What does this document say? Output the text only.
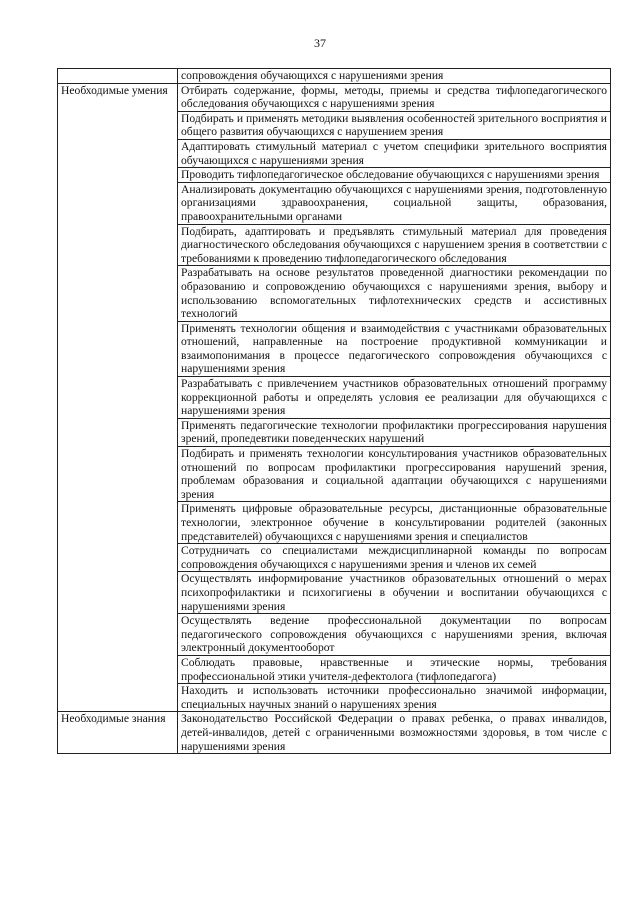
37

	сопровождения обучающихся с нарушениями зрения

Необходимые умения	Отбирать содержание, формы, методы, приемы и средства тифлопедагогического обследования обучающихся с нарушениями зрения

	Подбирать и применять методики выявления особенностей зрительного восприятия и общего развития обучающихся с нарушением зрения

	Адаптировать стимульный материал с учетом специфики зрительного восприятия обучающихся с нарушениями зрения

	Проводить тифлопедагогическое обследование обучающихся с нарушениями зрения

	Анализировать документацию обучающихся с нарушениями зрения, подготовленную организациями здравоохранения, социальной защиты, образования, правоохранительными органами

	Подбирать, адаптировать и предъявлять стимульный материал для проведения диагностического обследования обучающихся с нарушением зрения в соответствии с требованиями к проведению тифлопедагогического обследования

	Разрабатывать на основе результатов проведенной диагностики рекомендации по образованию и сопровождению обучающихся с нарушениями зрения, выбору и использованию вспомогательных тифлотехнических средств и ассистивных технологий

	Применять технологии общения и взаимодействия с участниками образовательных отношений, направленные на построение продуктивной коммуникации и взаимопонимания в процессе педагогического сопровождения обучающихся с нарушениями зрения

	Разрабатывать с привлечением участников образовательных отношений программу коррекционной работы и определять условия ее реализации для обучающихся с нарушениями зрения

	Применять педагогические технологии профилактики прогрессирования нарушения зрений, пропедевтики поведенческих нарушений

	Подбирать и применять технологии консультирования участников образовательных отношений по вопросам профилактики прогрессирования нарушений зрения, проблемам образования и социальной адаптации обучающихся с нарушениями зрения

	Применять цифровые образовательные ресурсы, дистанционные образовательные технологии, электронное обучение в консультировании родителей (законных представителей) обучающихся с нарушениями зрения и специалистов

	Сотрудничать со специалистами междисциплинарной команды по вопросам сопровождения обучающихся с нарушениями зрения и членов их семей

	Осуществлять информирование участников образовательных отношений о мерах психопрофилактики и психогигиены в обучении и воспитании обучающихся с нарушениями зрения

	Осуществлять ведение профессиональной документации по вопросам педагогического сопровождения обучающихся с нарушениями зрения, включая электронный документооборот

	Соблюдать правовые, нравственные и этические нормы, требования профессиональной этики учителя-дефектолога (тифлопедагога)

	Находить и использовать источники профессионально значимой информации, специальных научных знаний о нарушениях зрения

Необходимые знания	Законодательство Российской Федерации о правах ребенка, о правах инвалидов, детей-инвалидов, детей с ограниченными возможностями здоровья, в том числе с нарушениями зрения
